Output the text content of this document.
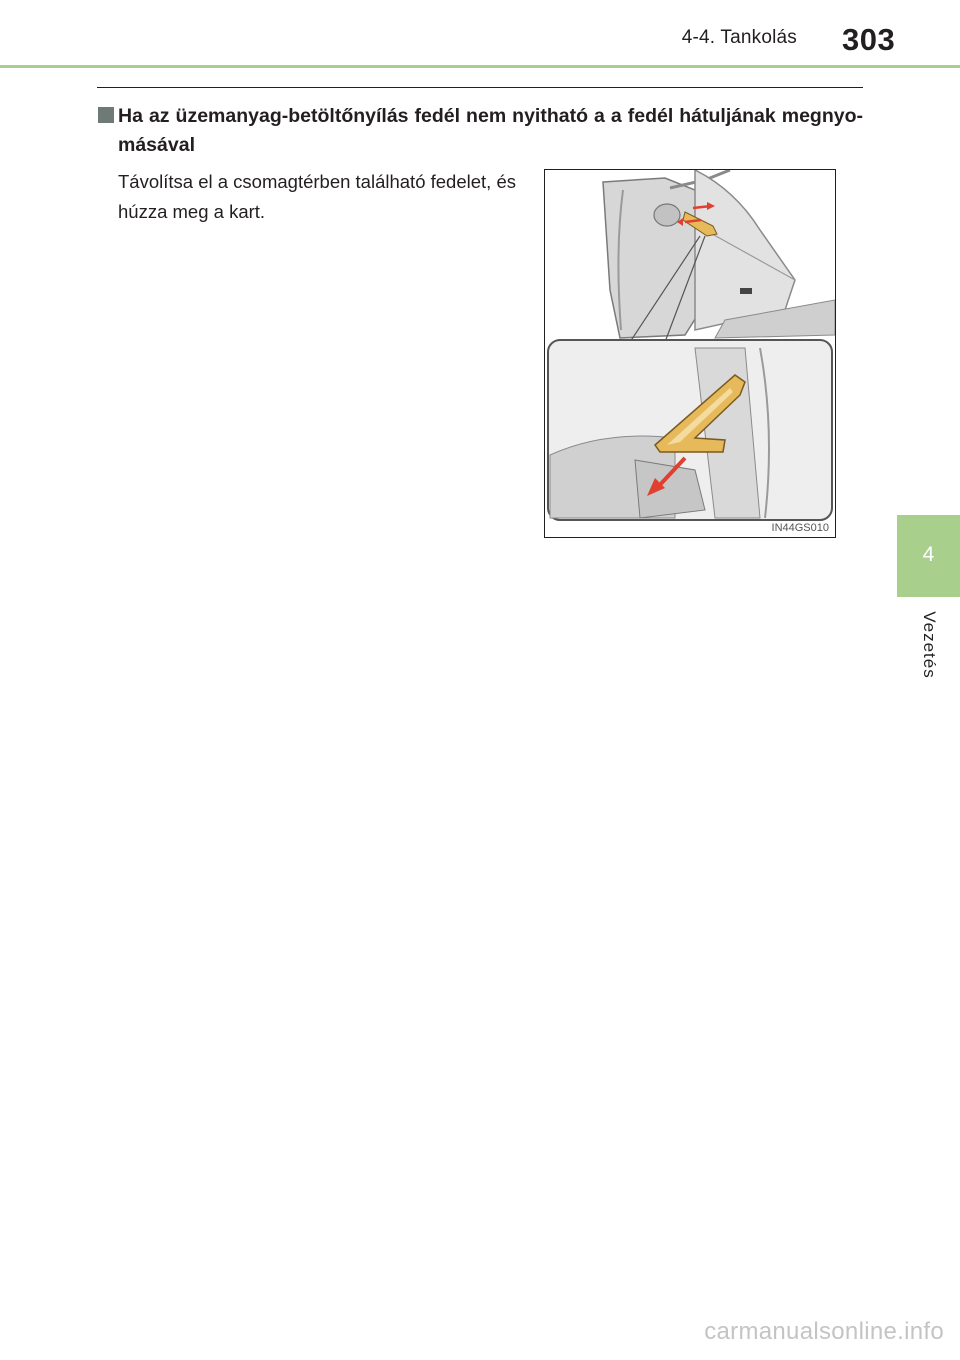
4-4. Tankolás 303
Ha az üzemanyag-betöltőnyílás fedél nem nyitható a a fedél hátuljának megnyo-másával
Távolítsa el a csomagtérben található fedelet, és húzza meg a kart.
IN44GS010
4
Vezetés
carmanualsonline.info
